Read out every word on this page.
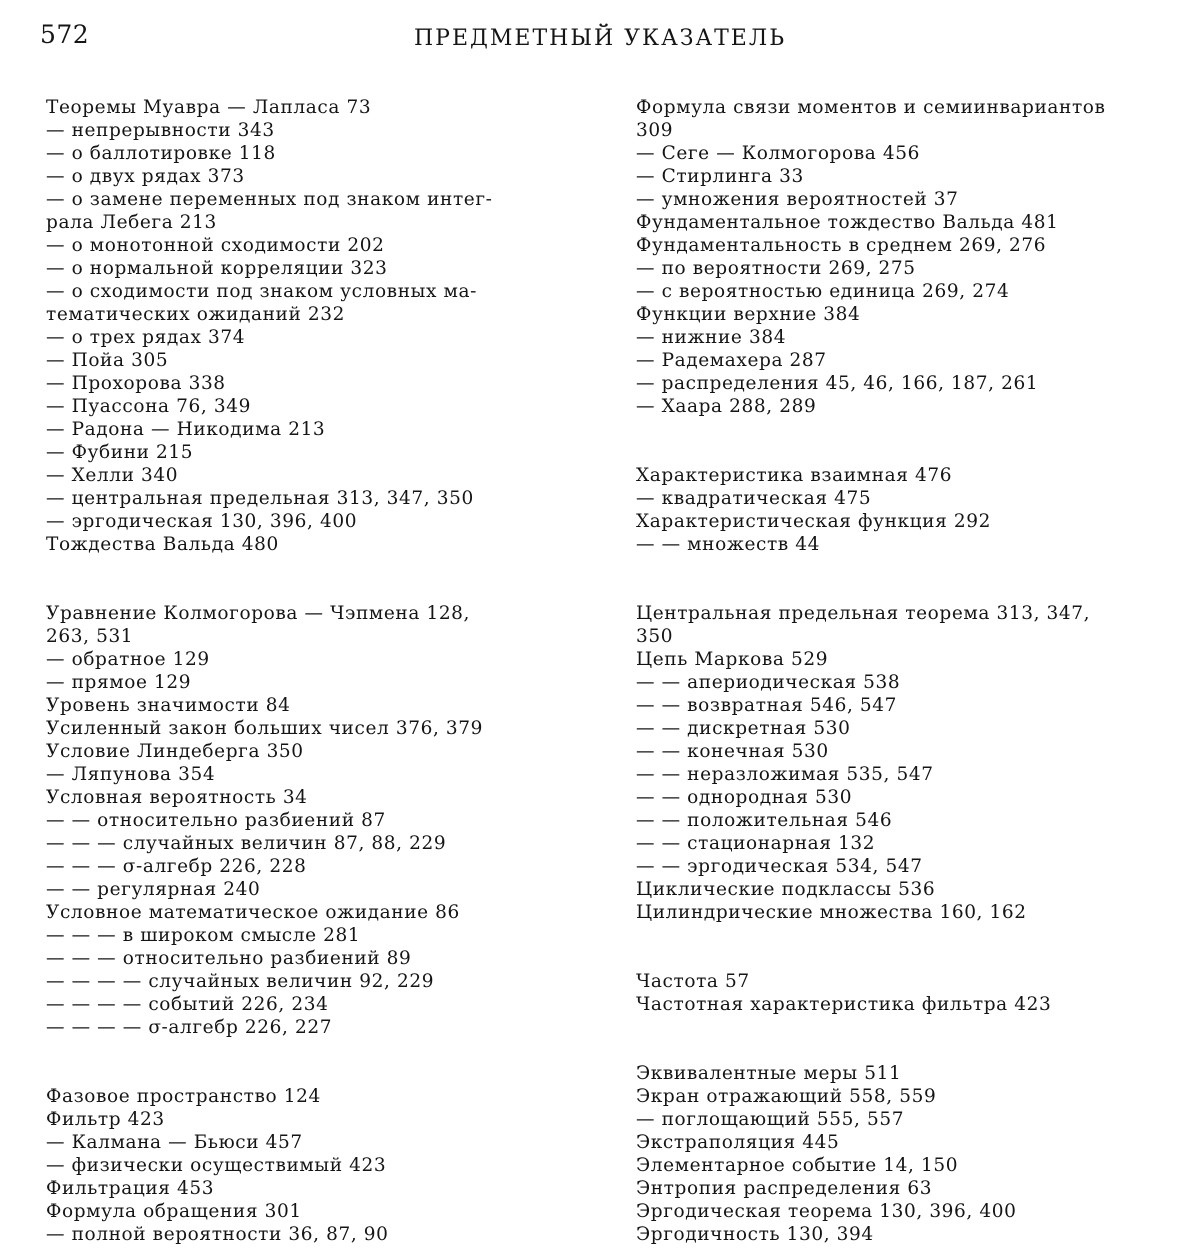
572	ПРЕДМЕТНЫЙ УКАЗАТЕЛЬ
Теоремы Муавра — Лапласа 73
— непрерывности 343
— о баллотировке 118
— о двух рядах 373
— о замене переменных под знаком интег-
рала Лебега 213
— о монотонной сходимости 202
— о нормальной корреляции 323
— о сходимости под знаком условных ма-
тематических ожиданий 232
— о трех рядах 374
— Пойа 305
— Прохорова 338
— Пуассона 76, 349
— Радона — Никодима 213
— Фубини 215
— Хелли 340
— центральная предельная 313, 347, 350
— эргодическая 130, 396, 400
Тождества Вальда 480
Уравнение Колмогорова — Чэпмена 128,
263, 531
— обратное 129
— прямое 129
Уровень значимости 84
Усиленный закон больших чисел 376, 379
Условие Линдеберга 350
— Ляпунова 354
Условная вероятность 34
— — относительно разбиений 87
— — — случайных величин 87, 88, 229
— — — σ-алгебр 226, 228
— — регулярная 240
Условное математическое ожидание 86
— — — в широком смысле 281
— — — относительно разбиений 89
— — — — случайных величин 92, 229
— — — — событий 226, 234
— — — — σ-алгебр 226, 227
Фазовое пространство 124
Фильтр 423
— Калмана — Бьюси 457
— физически осуществимый 423
Фильтрация 453
Формула обращения 301
— полной вероятности 36, 87, 90
Формула связи моментов и семиинвариантов
309
— Сеге — Колмогорова 456
— Стирлинга 33
— умножения вероятностей 37
Фундаментальное тождество Вальда 481
Фундаментальность в среднем 269, 276
— по вероятности 269, 275
— с вероятностью единица 269, 274
Функции верхние 384
— нижние 384
— Радемахера 287
— распределения 45, 46, 166, 187, 261
— Хаара 288, 289
Характеристика взаимная 476
— квадратическая 475
Характеристическая функция 292
— — множеств 44
Центральная предельная теорема 313, 347,
350
Цепь Маркова 529
— — апериодическая 538
— — возвратная 546, 547
— — дискретная 530
— — конечная 530
— — неразложимая 535, 547
— — однородная 530
— — положительная 546
— — стационарная 132
— — эргодическая 534, 547
Циклические подклассы 536
Цилиндрические множества 160, 162
Частота 57
Частотная характеристика фильтра 423
Эквивалентные меры 511
Экран отражающий 558, 559
— поглощающий 555, 557
Экстраполяция 445
Элементарное событие 14, 150
Энтропия распределения 63
Эргодическая теорема 130, 396, 400
Эргодичность 130, 394
